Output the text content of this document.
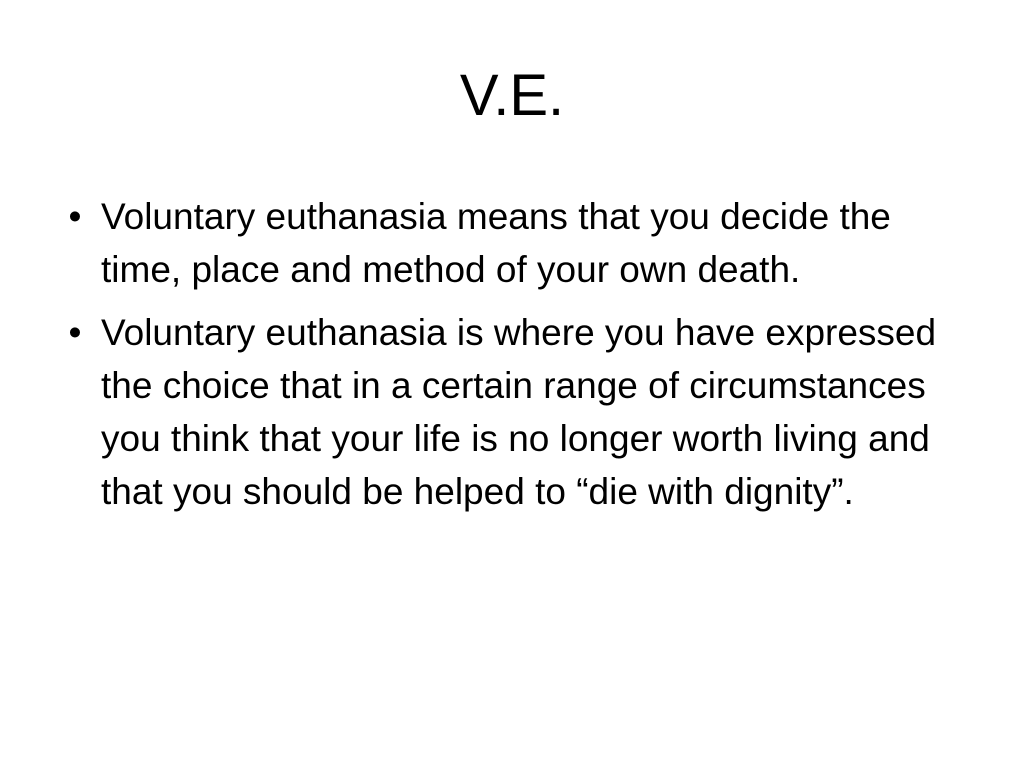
V.E.
• Voluntary euthanasia means that you decide the time, place and method of your own death.
• Voluntary euthanasia is where you have expressed the choice that in a certain range of circumstances you think that your life is no longer worth living and that you should be helped to “die with dignity”.
